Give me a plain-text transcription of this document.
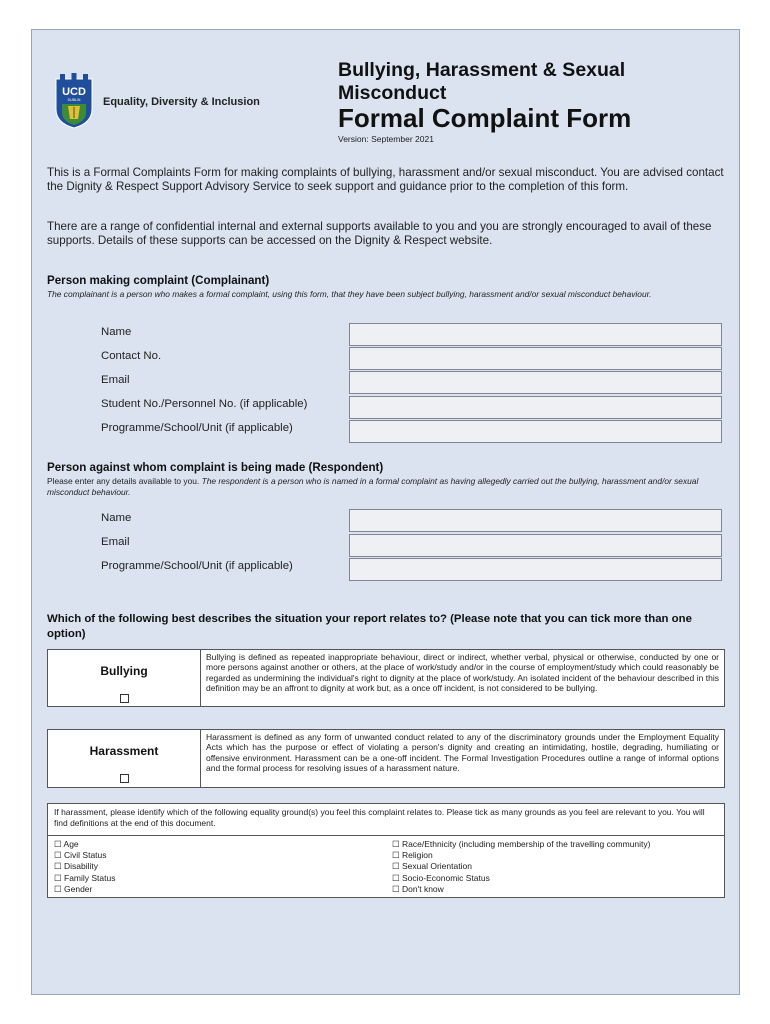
UCD
DUBLIN Equality, Diversity & Inclusion
Bullying, Harassment & Sexual
Misconduct
Formal Complaint Form
Version: September 2021

This is a Formal Complaints Form for making complaints of bullying, harassment and/or sexual misconduct. You are advised contact the Dignity & Respect Support Advisory Service to seek support and guidance prior to the completion of this form.

There are a range of confidential internal and external supports available to you and you are strongly encouraged to avail of these supports. Details of these supports can be accessed on the Dignity & Respect website.

Person making complaint (Complainant)
The complainant is a person who makes a formal complaint, using this form, that they have been subject bullying, harassment and/or sexual misconduct behaviour.
Name
Contact No.
Email
Student No./Personnel No. (if applicable)
Programme/School/Unit (if applicable)
Person against whom complaint is being made (Respondent)
Please enter any details available to you. The respondent is a person who is named in a formal complaint as having allegedly carried out the bullying, harassment and/or sexual misconduct behaviour.
Name
Email
Programme/School/Unit (if applicable)
Which of the following best describes the situation your report relates to? (Please note that you can tick more than one option)
Bullying
Bullying is defined as repeated inappropriate behaviour, direct or indirect, whether verbal, physical or otherwise, conducted by one or more persons against another or others, at the place of work/study and/or in the course of employment/study which could reasonably be regarded as undermining the individual's right to dignity at the place of work/study. An isolated incident of the behaviour described in this definition may be an affront to dignity at work but, as a once off incident, is not considered to be bullying.
Harassment
Harassment is defined as any form of unwanted conduct related to any of the discriminatory grounds under the Employment Equality Acts which has the purpose or effect of violating a person's dignity and creating an intimidating, hostile, degrading, humiliating or offensive environment. Harassment can be a one-off incident. The Formal Investigation Procedures outline a range of informal options and the formal process for resolving issues of a harassment nature.
If harassment, please identify which of the following equality ground(s) you feel this complaint relates to. Please tick as many grounds as you feel are relevant to you. You will find definitions at the end of this document.
☐ Age
☐ Civil Status
☐ Disability
☐ Family Status
☐ Gender
☐ Race/Ethnicity (including membership of the travelling community)
☐ Religion
☐ Sexual Orientation
☐ Socio-Economic Status
☐ Don't know
